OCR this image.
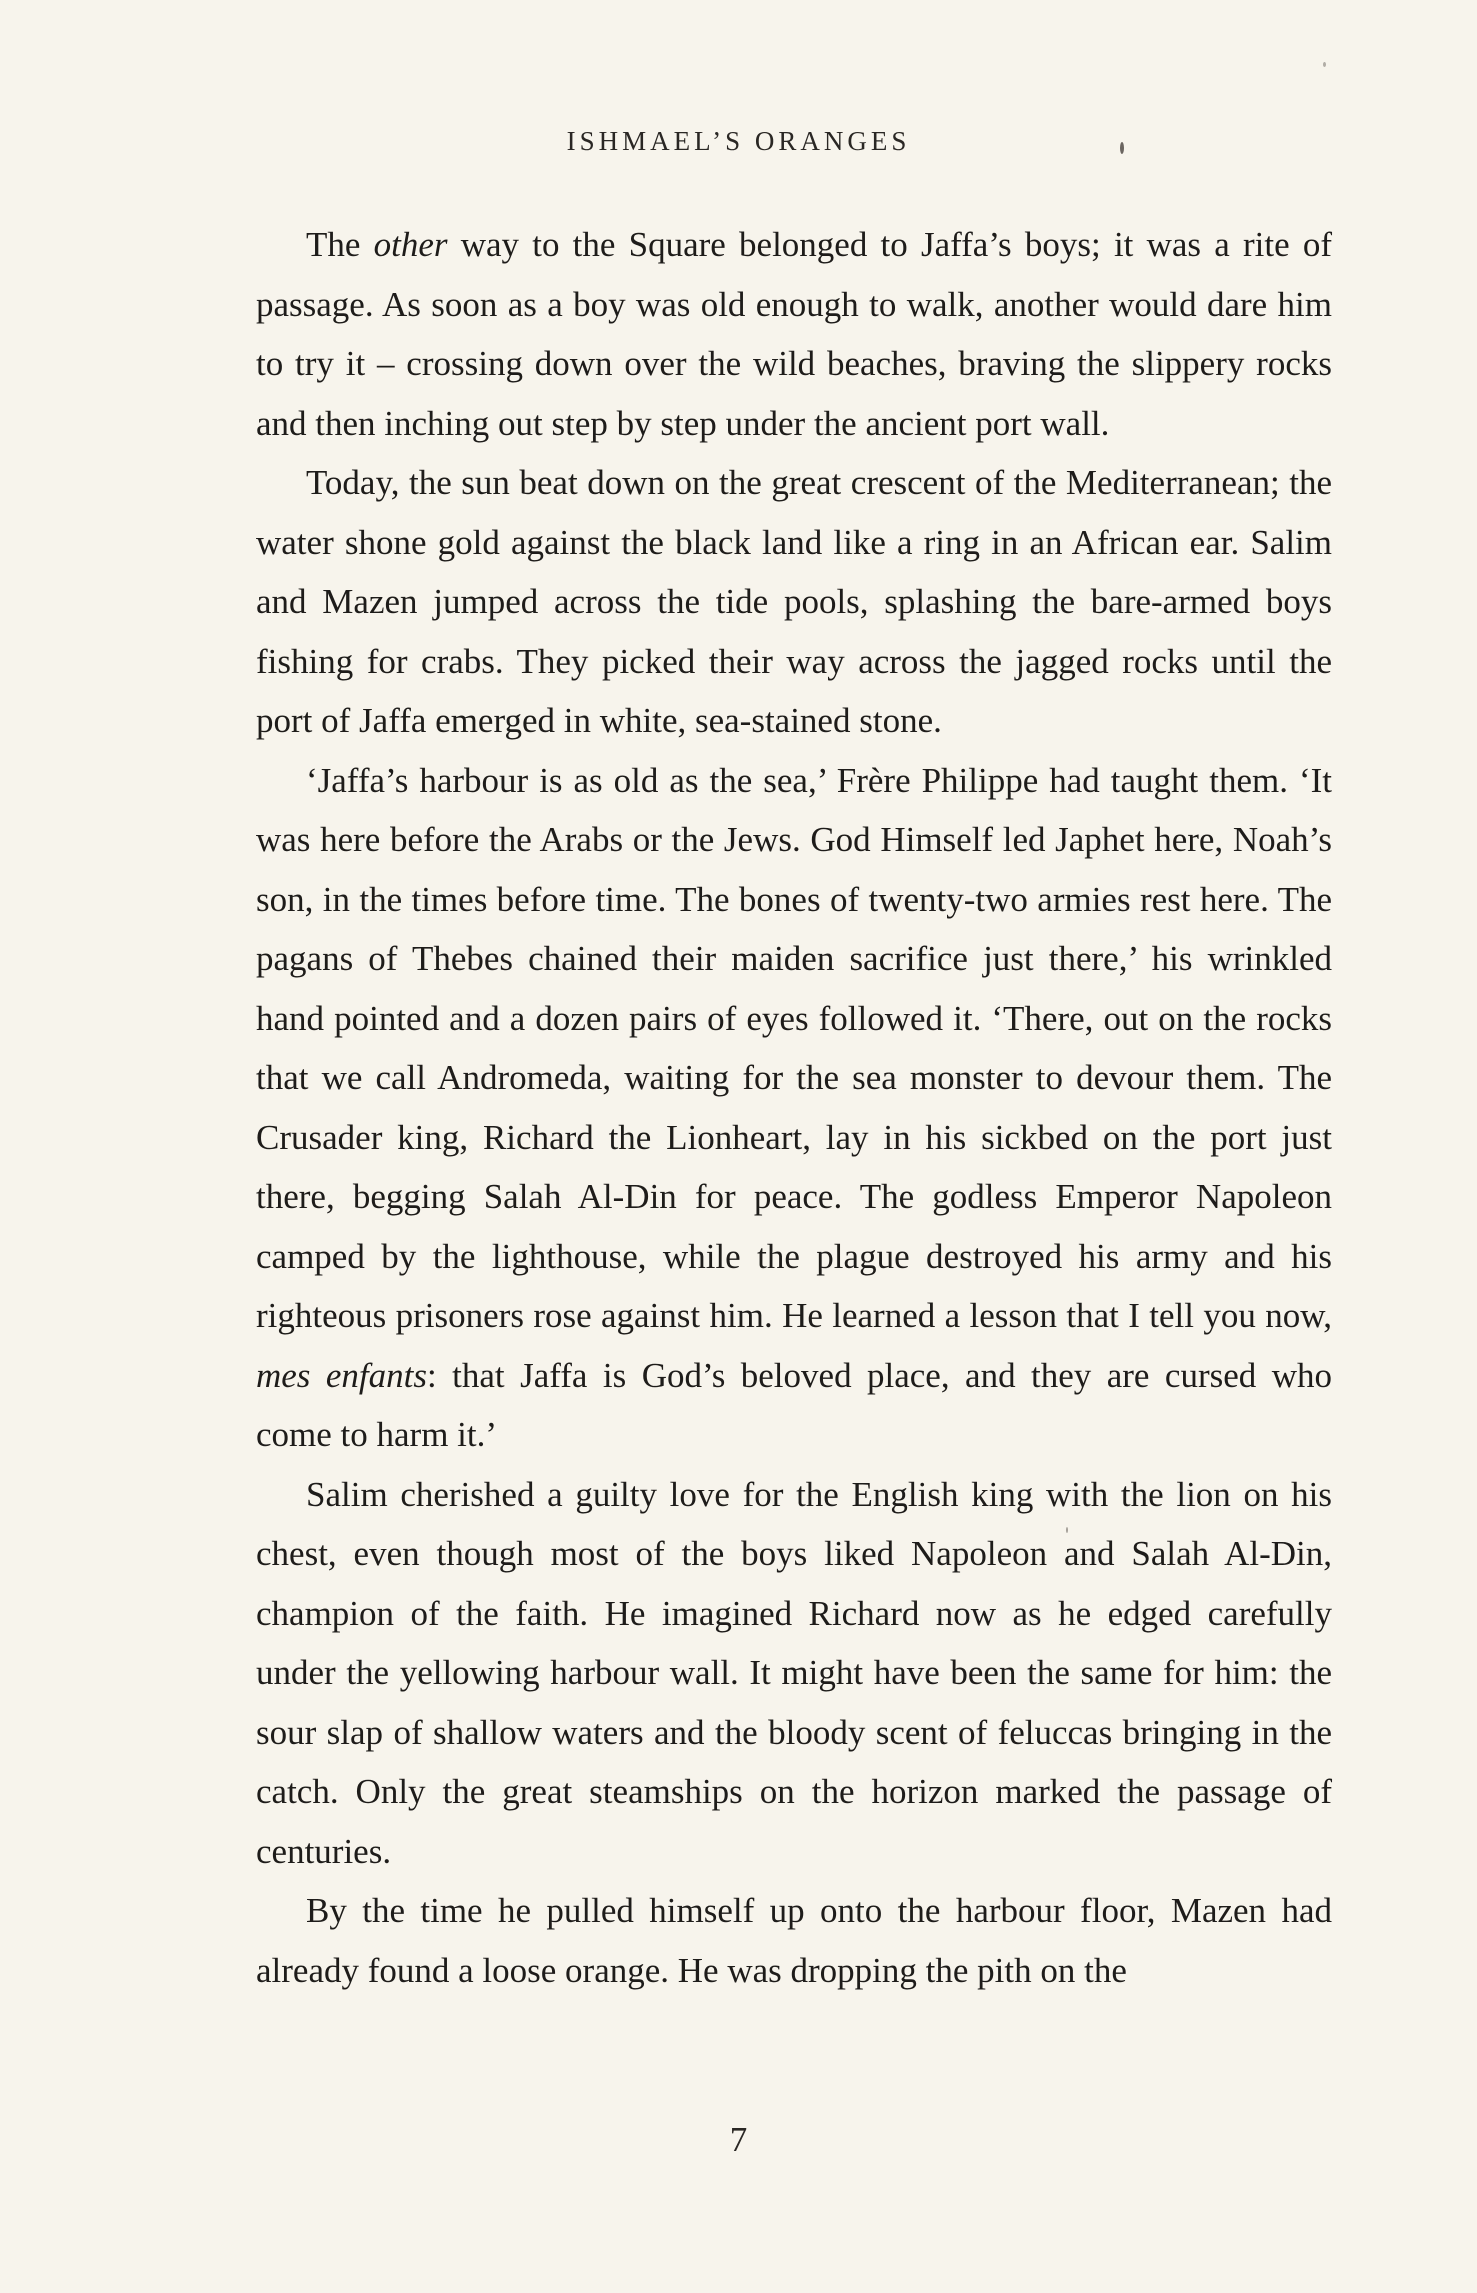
ISHMAEL’S ORANGES

The other way to the Square belonged to Jaffa’s boys; it was a rite of passage. As soon as a boy was old enough to walk, another would dare him to try it – crossing down over the wild beaches, braving the slippery rocks and then inching out step by step under the ancient port wall.

Today, the sun beat down on the great crescent of the Mediterranean; the water shone gold against the black land like a ring in an African ear. Salim and Mazen jumped across the tide pools, splashing the bare-armed boys fishing for crabs. They picked their way across the jagged rocks until the port of Jaffa emerged in white, sea-stained stone.

‘Jaffa’s harbour is as old as the sea,’ Frère Philippe had taught them. ‘It was here before the Arabs or the Jews. God Himself led Japhet here, Noah’s son, in the times before time. The bones of twenty-two armies rest here. The pagans of Thebes chained their maiden sacrifice just there,’ his wrinkled hand pointed and a dozen pairs of eyes followed it. ‘There, out on the rocks that we call Andromeda, waiting for the sea monster to devour them. The Crusader king, Richard the Lionheart, lay in his sickbed on the port just there, begging Salah Al-Din for peace. The godless Emperor Napoleon camped by the lighthouse, while the plague destroyed his army and his righteous prisoners rose against him. He learned a lesson that I tell you now, mes enfants: that Jaffa is God’s beloved place, and they are cursed who come to harm it.’

Salim cherished a guilty love for the English king with the lion on his chest, even though most of the boys liked Napoleon and Salah Al-Din, champion of the faith. He imagined Richard now as he edged carefully under the yellowing harbour wall. It might have been the same for him: the sour slap of shallow waters and the bloody scent of feluccas bringing in the catch. Only the great steamships on the horizon marked the passage of centuries.

By the time he pulled himself up onto the harbour floor, Mazen had already found a loose orange. He was dropping the pith on the

7
